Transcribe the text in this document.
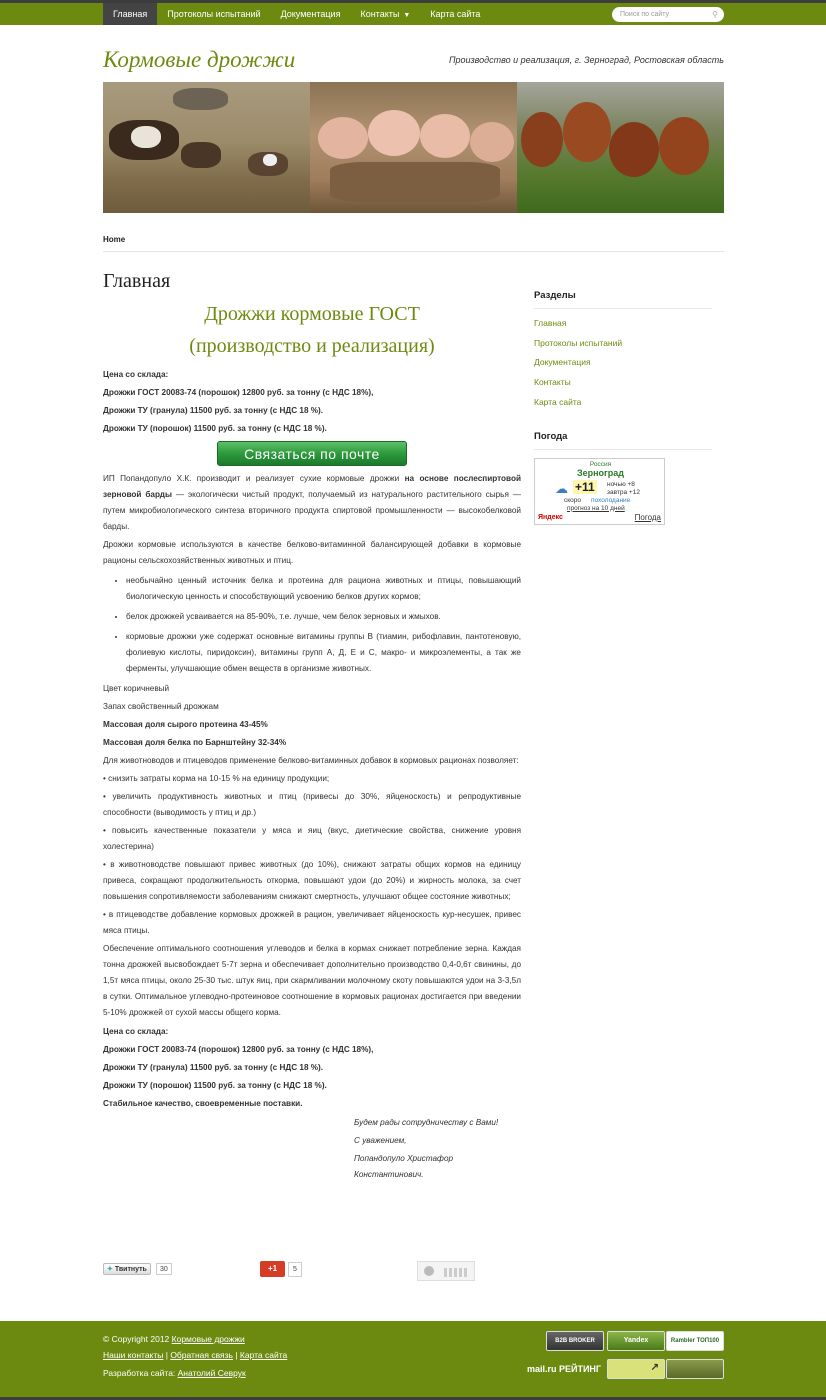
Главная	Протоколы испытаний	Документация	Контакты ▼	Карта сайта	Поиск по сайту	⚲
Кормовые дрожжи	Производство и реализация, г. Зерноград, Ростовская область
Home
Главная
Дрожжи кормовые ГОСТ
(производство и реализация)
Цена со склада:
Дрожжи ГОСТ 20083-74 (порошок) 12800 руб. за тонну (с НДС 18%),
Дрожжи ТУ (гранула) 11500 руб. за тонну (с НДС 18 %).
Дрожжи ТУ (порошок) 11500 руб. за тонну (с НДС 18 %).
Связаться по почте
ИП Попандопуло Х.К. производит и реализует сухие кормовые дрожжи на основе послеспиртовой зерновой барды — экологически чистый продукт, получаемый из натурального растительного сырья — путем микробиологического синтеза вторичного продукта спиртовой промышленности — высокобелковой барды.
Дрожжи кормовые используются в качестве белково-витаминной балансирующей добавки в кормовые рационы сельскохозяйственных животных и птиц.
• необычайно ценный источник белка и протеина для рациона животных и птицы, повышающий биологическую ценность и способствующий усвоению белков других кормов;
• белок дрожжей усваивается на 85-90%, т.е. лучше, чем белок зерновых и жмыхов.
• кормовые дрожжи уже содержат основные витамины группы В (тиамин, рибофлавин, пантотеновую, фолиевую кислоты, пиридоксин), витамины групп А, Д, Е и С, макро- и микроэлементы, а так же ферменты, улучшающие обмен веществ в организме животных.
Цвет коричневый
Запах свойственный дрожжам
Массовая доля сырого протеина 43-45%
Массовая доля белка по Барнштейну 32-34%
Для животноводов и птицеводов применение белково-витаминных добавок в кормовых рационах позволяет:
• снизить затраты корма на 10-15 % на единицу продукции;
• увеличить продуктивность животных и птиц (привесы до 30%, яйценоскость) и репродуктивные способности (выводимость у птиц и др.)
• повысить качественные показатели у мяса и яиц (вкус, диетические свойства, снижение уровня холестерина)
• в животноводстве повышают привес животных (до 10%), снижают затраты общих кормов на единицу привеса, сокращают продолжительность откорма, повышают удои (до 20%) и жирность молока, за счет повышения сопротивляемости заболеваниям снижают смертность, улучшают общее состояние животных;
• в птицеводстве добавление кормовых дрожжей в рацион, увеличивает яйценоскость кур-несушек, привес мяса птицы.
Обеспечение оптимального соотношения углеводов и белка в кормах снижает потребление зерна. Каждая тонна дрожжей высвобождает 5-7т зерна и обеспечивает дополнительно производство 0,4-0,6т свинины, до 1,5т мяса птицы, около 25-30 тыс. штук яиц, при скармливании молочному скоту повышаются удои на 3-3,5л в сутки. Оптимальное углеводно-протеиновое соотношение в кормовых рационах достигается при введении 5-10% дрожжей от сухой массы общего корма.
Цена со склада:
Дрожжи ГОСТ 20083-74 (порошок) 12800 руб. за тонну (с НДС 18%),
Дрожжи ТУ (гранула) 11500 руб. за тонну (с НДС 18 %).
Дрожжи ТУ (порошок) 11500 руб. за тонну (с НДС 18 %).
Стабильное качество, своевременные поставки.
Будем рады сотрудничеству с Вами!
С уважением,
Попандопуло Христафор Константинович.
Разделы
Главная
Протоколы испытаний
Документация
Контакты
Карта сайта
Погода
Россия
Зерноград
☁ +11	ночью +8
завтра +12
скоро похолодание
прогноз на 10 дней
Яндекс	Погода
✦ Твитнуть	30	+1	5
© Copyright 2012 Кормовые дрожжи
Наши контакты | Обратная связь | Карта сайта
Разработка сайта: Анатолий Севрук
B2B BROKER	Yandex	Rambler ТОП100
mail.ru РЕЙТИНГ	↗
